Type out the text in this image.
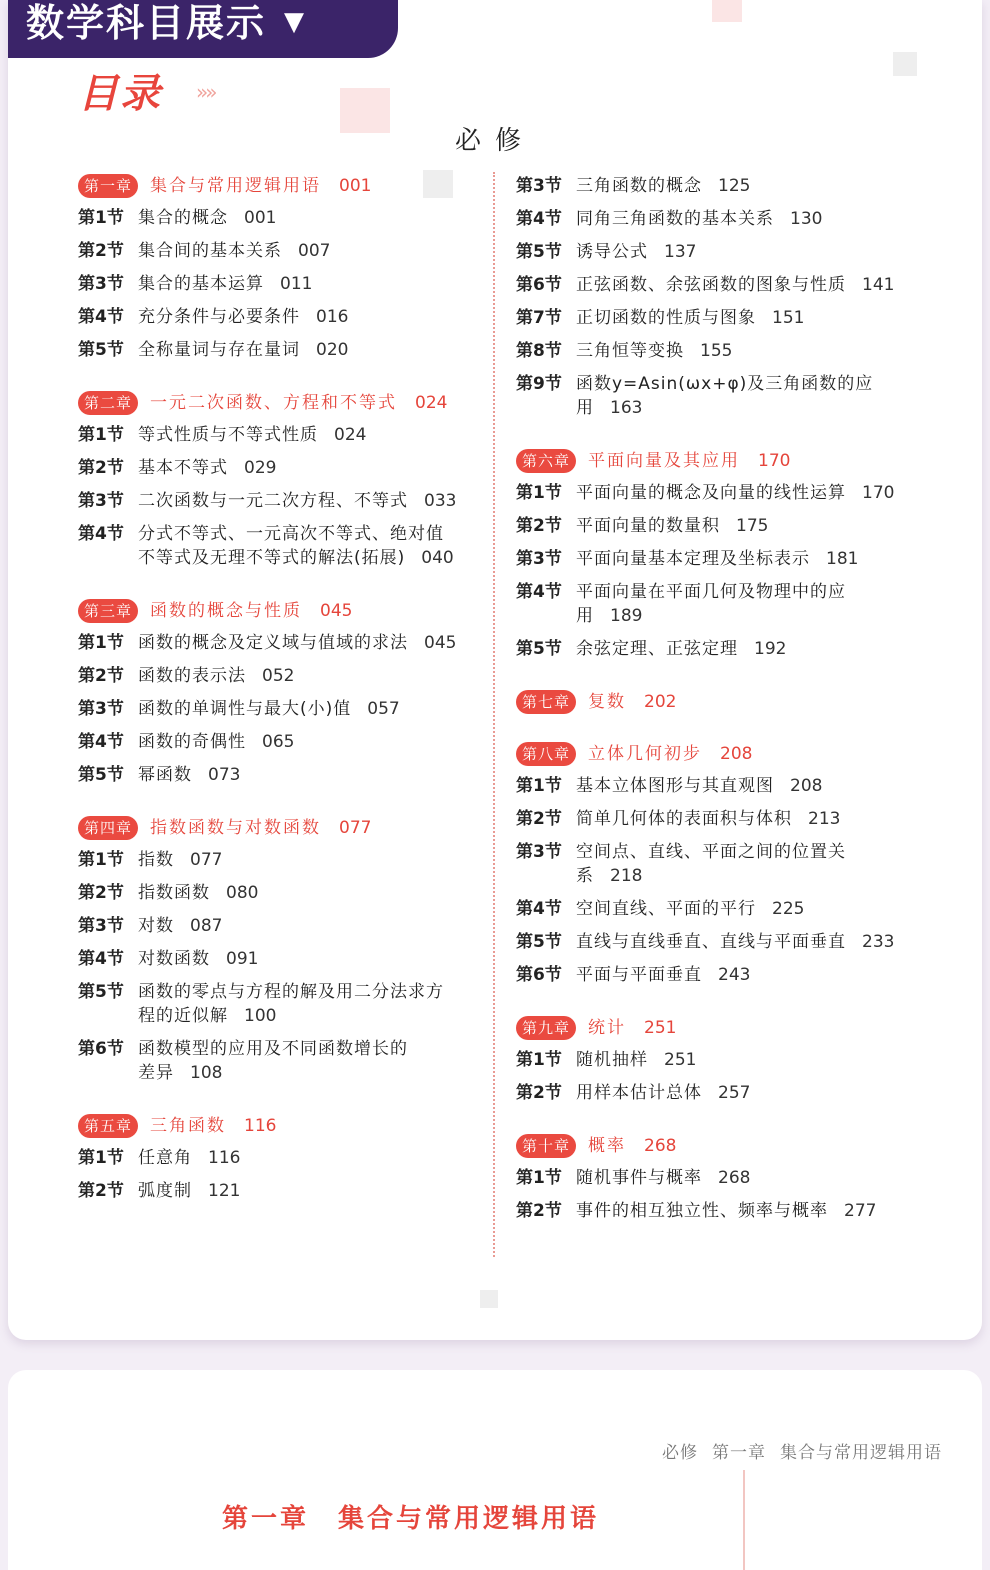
数学科目展示 ▼
目录 »»
必修
第一章 集合与常用逻辑用语 001
第1节 集合的概念 001
第2节 集合间的基本关系 007
第3节 集合的基本运算 011
第4节 充分条件与必要条件 016
第5节 全称量词与存在量词 020
第二章 一元二次函数、方程和不等式 024
第1节 等式性质与不等式性质 024
第2节 基本不等式 029
第3节 二次函数与一元二次方程、不等式 033
第4节 分式不等式、一元高次不等式、绝对值
不等式及无理不等式的解法(拓展) 040
第三章 函数的概念与性质 045
第1节 函数的概念及定义域与值域的求法 045
第2节 函数的表示法 052
第3节 函数的单调性与最大(小)值 057
第4节 函数的奇偶性 065
第5节 幂函数 073
第四章 指数函数与对数函数 077
第1节 指数 077
第2节 指数函数 080
第3节 对数 087
第4节 对数函数 091
第5节 函数的零点与方程的解及用二分法求方
程的近似解 100
第6节 函数模型的应用及不同函数增长的
差异 108
第五章 三角函数 116
第1节 任意角 116
第2节 弧度制 121
第3节 三角函数的概念 125
第4节 同角三角函数的基本关系 130
第5节 诱导公式 137
第6节 正弦函数、余弦函数的图象与性质 141
第7节 正切函数的性质与图象 151
第8节 三角恒等变换 155
第9节 函数y=Asin(ωx+φ)及三角函数的应
用 163
第六章 平面向量及其应用 170
第1节 平面向量的概念及向量的线性运算 170
第2节 平面向量的数量积 175
第3节 平面向量基本定理及坐标表示 181
第4节 平面向量在平面几何及物理中的应
用 189
第5节 余弦定理、正弦定理 192
第七章 复数 202
第八章 立体几何初步 208
第1节 基本立体图形与其直观图 208
第2节 简单几何体的表面积与体积 213
第3节 空间点、直线、平面之间的位置关
系 218
第4节 空间直线、平面的平行 225
第5节 直线与直线垂直、直线与平面垂直 233
第6节 平面与平面垂直 243
第九章 统计 251
第1节 随机抽样 251
第2节 用样本估计总体 257
第十章 概率 268
第1节 随机事件与概率 268
第2节 事件的相互独立性、频率与概率 277
必修 第一章 集合与常用逻辑用语
第一章　集合与常用逻辑用语
